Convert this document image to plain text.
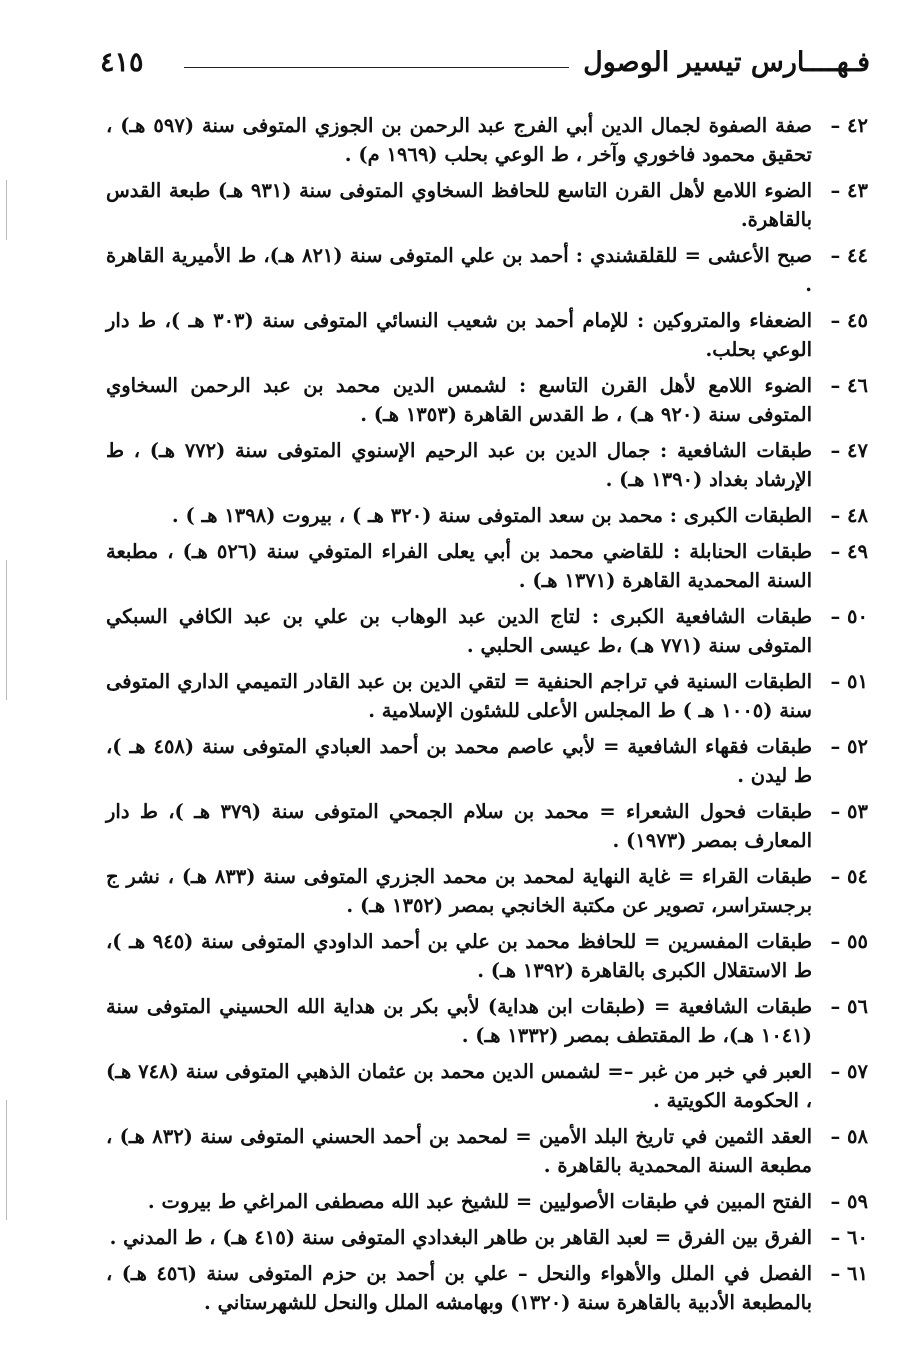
٤١٥	فـهــــارس تيسير الوصول
٤٢ –
صفة الصفوة لجمال الدين أبي الفرج عبد الرحمن بن الجوزي المتوفى سنة (٥٩٧ هـ) ، تحقيق محمود فاخوري وآخر ، ط الوعي بحلب (١٩٦٩ م) .
٤٣ –
الضوء اللامع لأهل القرن التاسع للحافظ السخاوي المتوفى سنة (٩٣١ هـ) طبعة القدس بالقاهرة.
٤٤ –
صبح الأعشى = للقلقشندي : أحمد بن علي المتوفى سنة (٨٢١ هـ)، ط الأميرية القاهرة .
٤٥ –
الضعفاء والمتروكين : للإمام أحمد بن شعيب النسائي المتوفى سنة (٣٠٣ هـ )، ط دار الوعي بحلب.
٤٦ –
الضوء اللامع لأهل القرن التاسع : لشمس الدين محمد بن عبد الرحمن السخاوي المتوفى سنة (٩٢٠ هـ) ، ط القدس القاهرة (١٣٥٣ هـ) .
٤٧ –
طبقات الشافعية : جمال الدين بن عبد الرحيم الإسنوي المتوفى سنة (٧٧٢ هـ) ، ط الإرشاد بغداد (١٣٩٠ هـ) .
٤٨ –
الطبقات الكبرى : محمد بن سعد المتوفى سنة (٣٢٠ هـ ) ، بيروت (١٣٩٨ هـ ) .
٤٩ –
طبقات الحنابلة : للقاضي محمد بن أبي يعلى الفراء المتوفي سنة (٥٢٦ هـ) ، مطبعة السنة المحمدية القاهرة (١٣٧١ هـ) .
٥٠ –
طبقات الشافعية الكبرى : لتاج الدين عبد الوهاب بن علي بن عبد الكافي السبكي المتوفى سنة (٧٧١ هـ) ،ط عيسى الحلبي .
٥١ –
الطبقات السنية في تراجم الحنفية = لتقي الدين بن عبد القادر التميمي الداري المتوفى سنة (١٠٠٥ هـ ) ط المجلس الأعلى للشئون الإسلامية .
٥٢ –
طبقات فقهاء الشافعية = لأبي عاصم محمد بن أحمد العبادي المتوفى سنة (٤٥٨ هـ )، ط ليدن .
٥٣ –
طبقات فحول الشعراء = محمد بن سلام الجمحي المتوفى سنة (٣٧٩ هـ )، ط دار المعارف بمصر (١٩٧٣) .
٥٤ –
طبقات القراء = غاية النهاية لمحمد بن محمد الجزري المتوفى سنة (٨٣٣ هـ) ، نشر ج برجستراسر، تصوير عن مكتبة الخانجي بمصر (١٣٥٢ هـ) .
٥٥ –
طبقات المفسرين = للحافظ محمد بن علي بن أحمد الداودي المتوفى سنة (٩٤٥ هـ )، ط الاستقلال الكبرى بالقاهرة (١٣٩٢ هـ) .
٥٦ –
طبقات الشافعية = (طبقات ابن هداية) لأبي بكر بن هداية الله الحسيني المتوفى سنة (١٠٤١ هـ)، ط المقتطف بمصر (١٣٣٢ هـ) .
٥٧ –
العبر في خبر من غبر –= لشمس الدين محمد بن عثمان الذهبي المتوفى سنة (٧٤٨ هـ) ، الحكومة الكويتية .
٥٨ –
العقد الثمين في تاريخ البلد الأمين = لمحمد بن أحمد الحسني المتوفى سنة (٨٣٢ هـ) ، مطبعة السنة المحمدية بالقاهرة .
٥٩ –
الفتح المبين في طبقات الأصوليين = للشيخ عبد الله مصطفى المراغي ط بيروت .
٦٠ –
الفرق بين الفرق = لعبد القاهر بن طاهر البغدادي المتوفى سنة (٤١٥ هـ) ، ط المدني .
٦١ –
الفصل في الملل والأهواء والنحل – علي بن أحمد بن حزم المتوفى سنة (٤٥٦ هـ) ، بالمطبعة الأدبية بالقاهرة سنة (١٣٢٠) وبهامشه الملل والنحل للشهرستاني .
